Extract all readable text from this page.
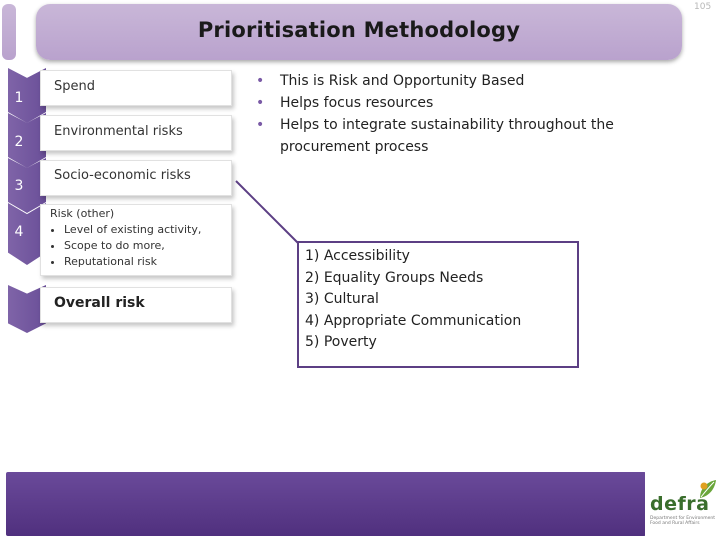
Prioritisation Methodology
105
1
Spend
2
Environmental risks
3
Socio-economic risks
4
Risk (other)
• Level of existing activity,
• Scope to do more,
• Reputational risk
Overall risk
• This is Risk and Opportunity Based
• Helps focus resources
• Helps to integrate sustainability throughout the procurement process
1) Accessibility
2) Equality Groups Needs
3) Cultural
4) Appropriate Communication
5) Poverty
defra
Department for Environment Food and Rural Affairs
